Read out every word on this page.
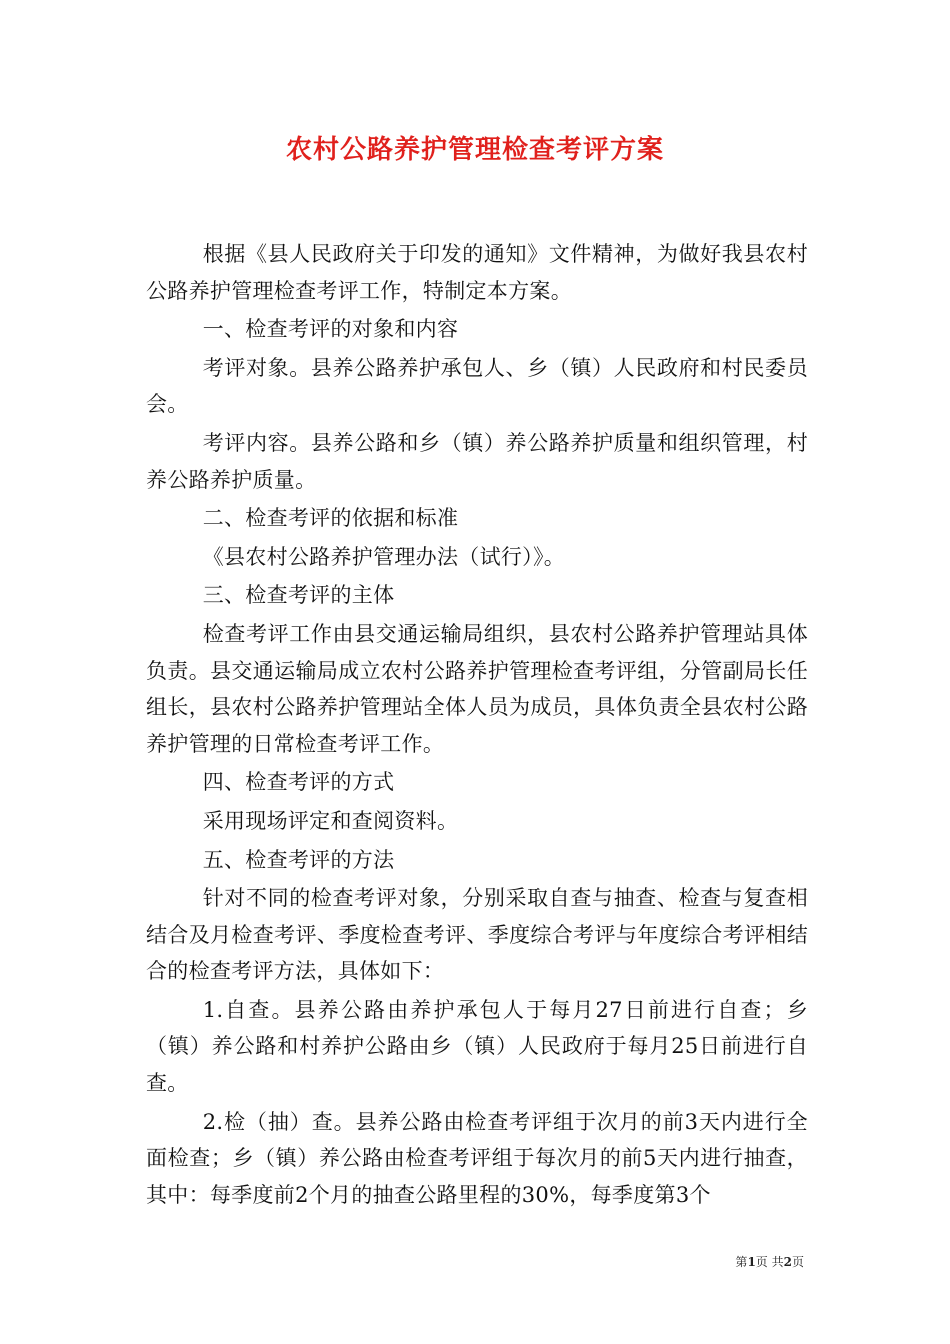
农村公路养护管理检查考评方案

根据《县人民政府关于印发的通知》文件精神，为做好我县农村公路养护管理检查考评工作，特制定本方案。

一、检查考评的对象和内容

考评对象。县养公路养护承包人、乡（镇）人民政府和村民委员会。

考评内容。县养公路和乡（镇）养公路养护质量和组织管理，村养公路养护质量。

二、检查考评的依据和标准

《县农村公路养护管理办法（试行）》。

三、检查考评的主体

检查考评工作由县交通运输局组织，县农村公路养护管理站具体负责。县交通运输局成立农村公路养护管理检查考评组，分管副局长任组长，县农村公路养护管理站全体人员为成员，具体负责全县农村公路养护管理的日常检查考评工作。

四、检查考评的方式

采用现场评定和查阅资料。

五、检查考评的方法

针对不同的检查考评对象，分别采取自查与抽查、检查与复查相结合及月检查考评、季度检查考评、季度综合考评与年度综合考评相结合的检查考评方法，具体如下：

1.自查。县养公路由养护承包人于每月27日前进行自查；乡（镇）养公路和村养护公路由乡（镇）人民政府于每月25日前进行自查。

2.检（抽）查。县养公路由检查考评组于次月的前3天内进行全面检查；乡（镇）养公路由检查考评组于每次月的前5天内进行抽查，其中：每季度前2个月的抽查公路里程的30%，每季度第3个

第1页 共2页
